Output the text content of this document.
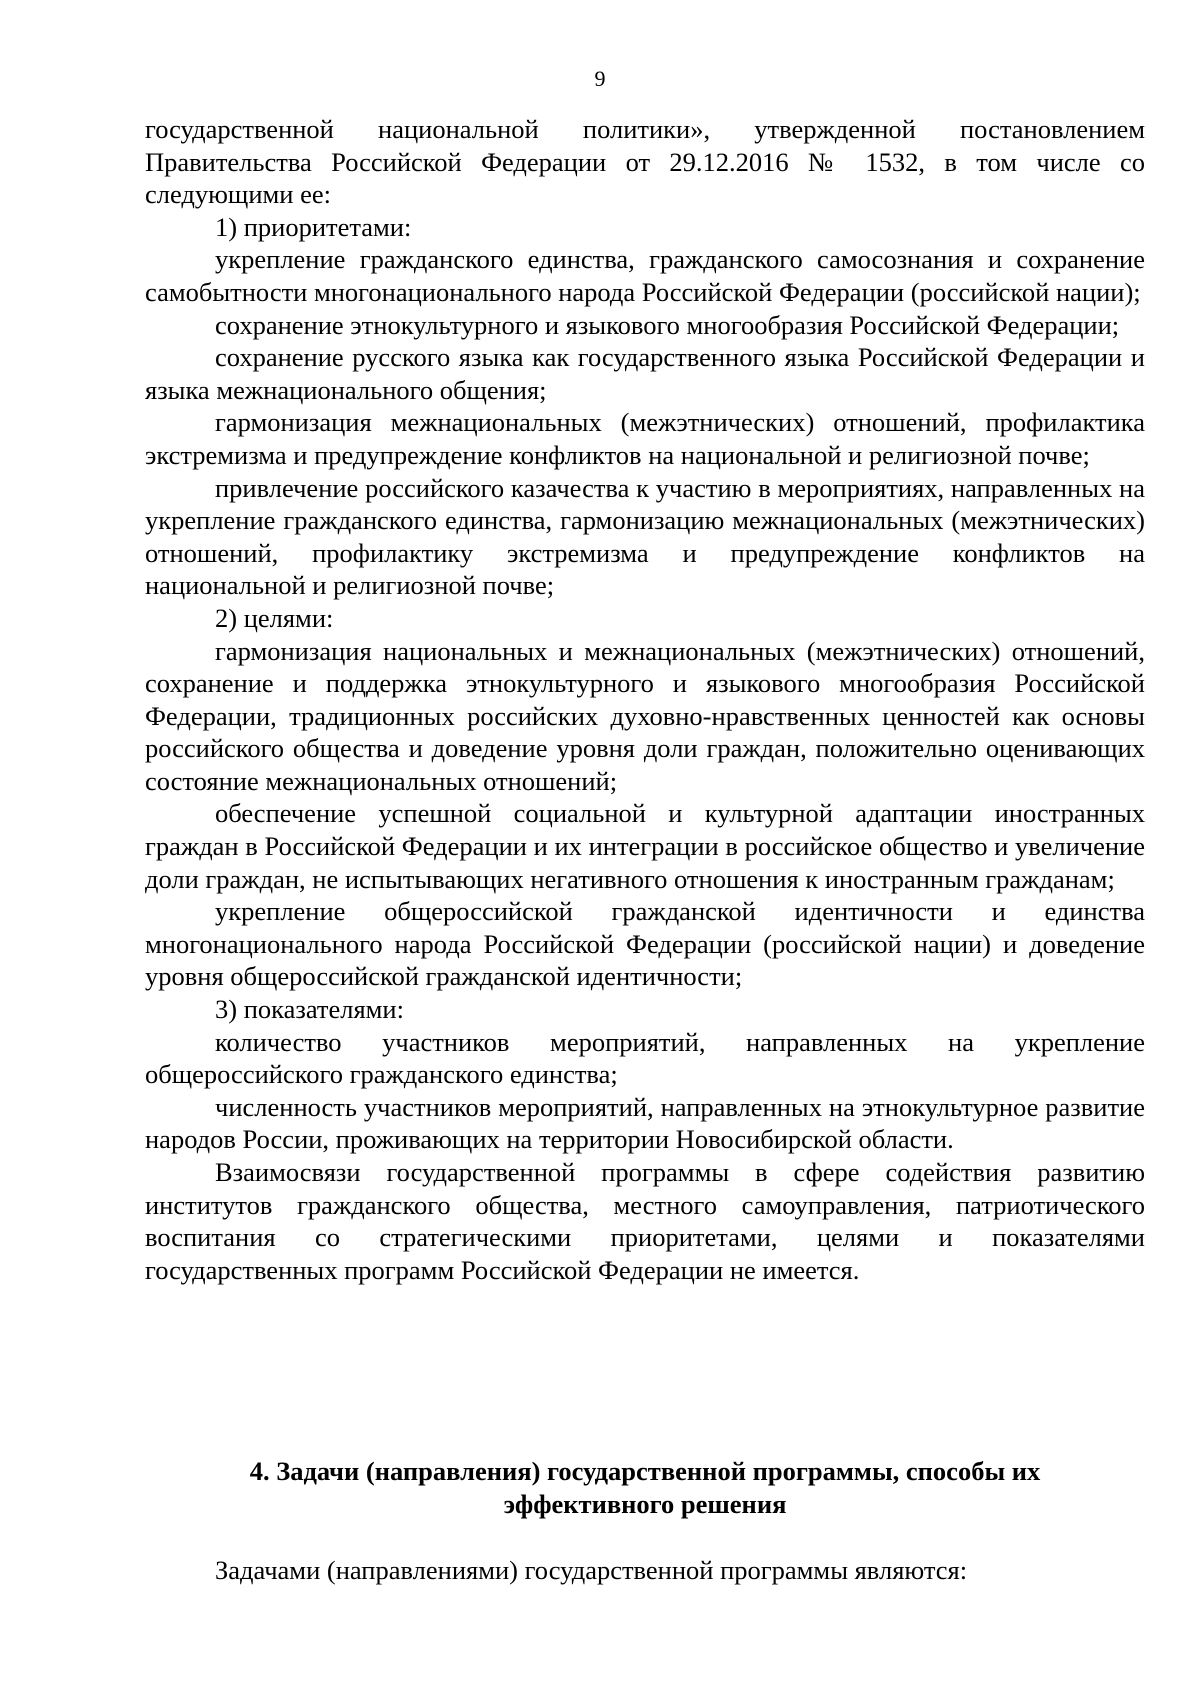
9

государственной национальной политики», утвержденной постановлением Правительства Российской Федерации от 29.12.2016 № 1532, в том числе со следующими ее:

1) приоритетами:

укрепление гражданского единства, гражданского самосознания и сохранение самобытности многонационального народа Российской Федерации (российской нации);

сохранение этнокультурного и языкового многообразия Российской Федерации;

сохранение русского языка как государственного языка Российской Федерации и языка межнационального общения;

гармонизация межнациональных (межэтнических) отношений, профилактика экстремизма и предупреждение конфликтов на национальной и религиозной почве;

привлечение российского казачества к участию в мероприятиях, направленных на укрепление гражданского единства, гармонизацию межнациональных (межэтнических) отношений, профилактику экстремизма и предупреждение конфликтов на национальной и религиозной почве;

2) целями:

гармонизация национальных и межнациональных (межэтнических) отношений, сохранение и поддержка этнокультурного и языкового многообразия Российской Федерации, традиционных российских духовно-нравственных ценностей как основы российского общества и доведение уровня доли граждан, положительно оценивающих состояние межнациональных отношений;

обеспечение успешной социальной и культурной адаптации иностранных граждан в Российской Федерации и их интеграции в российское общество и увеличение доли граждан, не испытывающих негативного отношения к иностранным гражданам;

укрепление общероссийской гражданской идентичности и единства многонационального народа Российской Федерации (российской нации) и доведение уровня общероссийской гражданской идентичности;

3) показателями:

количество участников мероприятий, направленных на укрепление общероссийского гражданского единства;

численность участников мероприятий, направленных на этнокультурное развитие народов России, проживающих на территории Новосибирской области.

Взаимосвязи государственной программы в сфере содействия развитию институтов гражданского общества, местного самоуправления, патриотического воспитания со стратегическими приоритетами, целями и показателями государственных программ Российской Федерации не имеется.

4. Задачи (направления) государственной программы, способы их
эффективного решения

Задачами (направлениями) государственной программы являются:
